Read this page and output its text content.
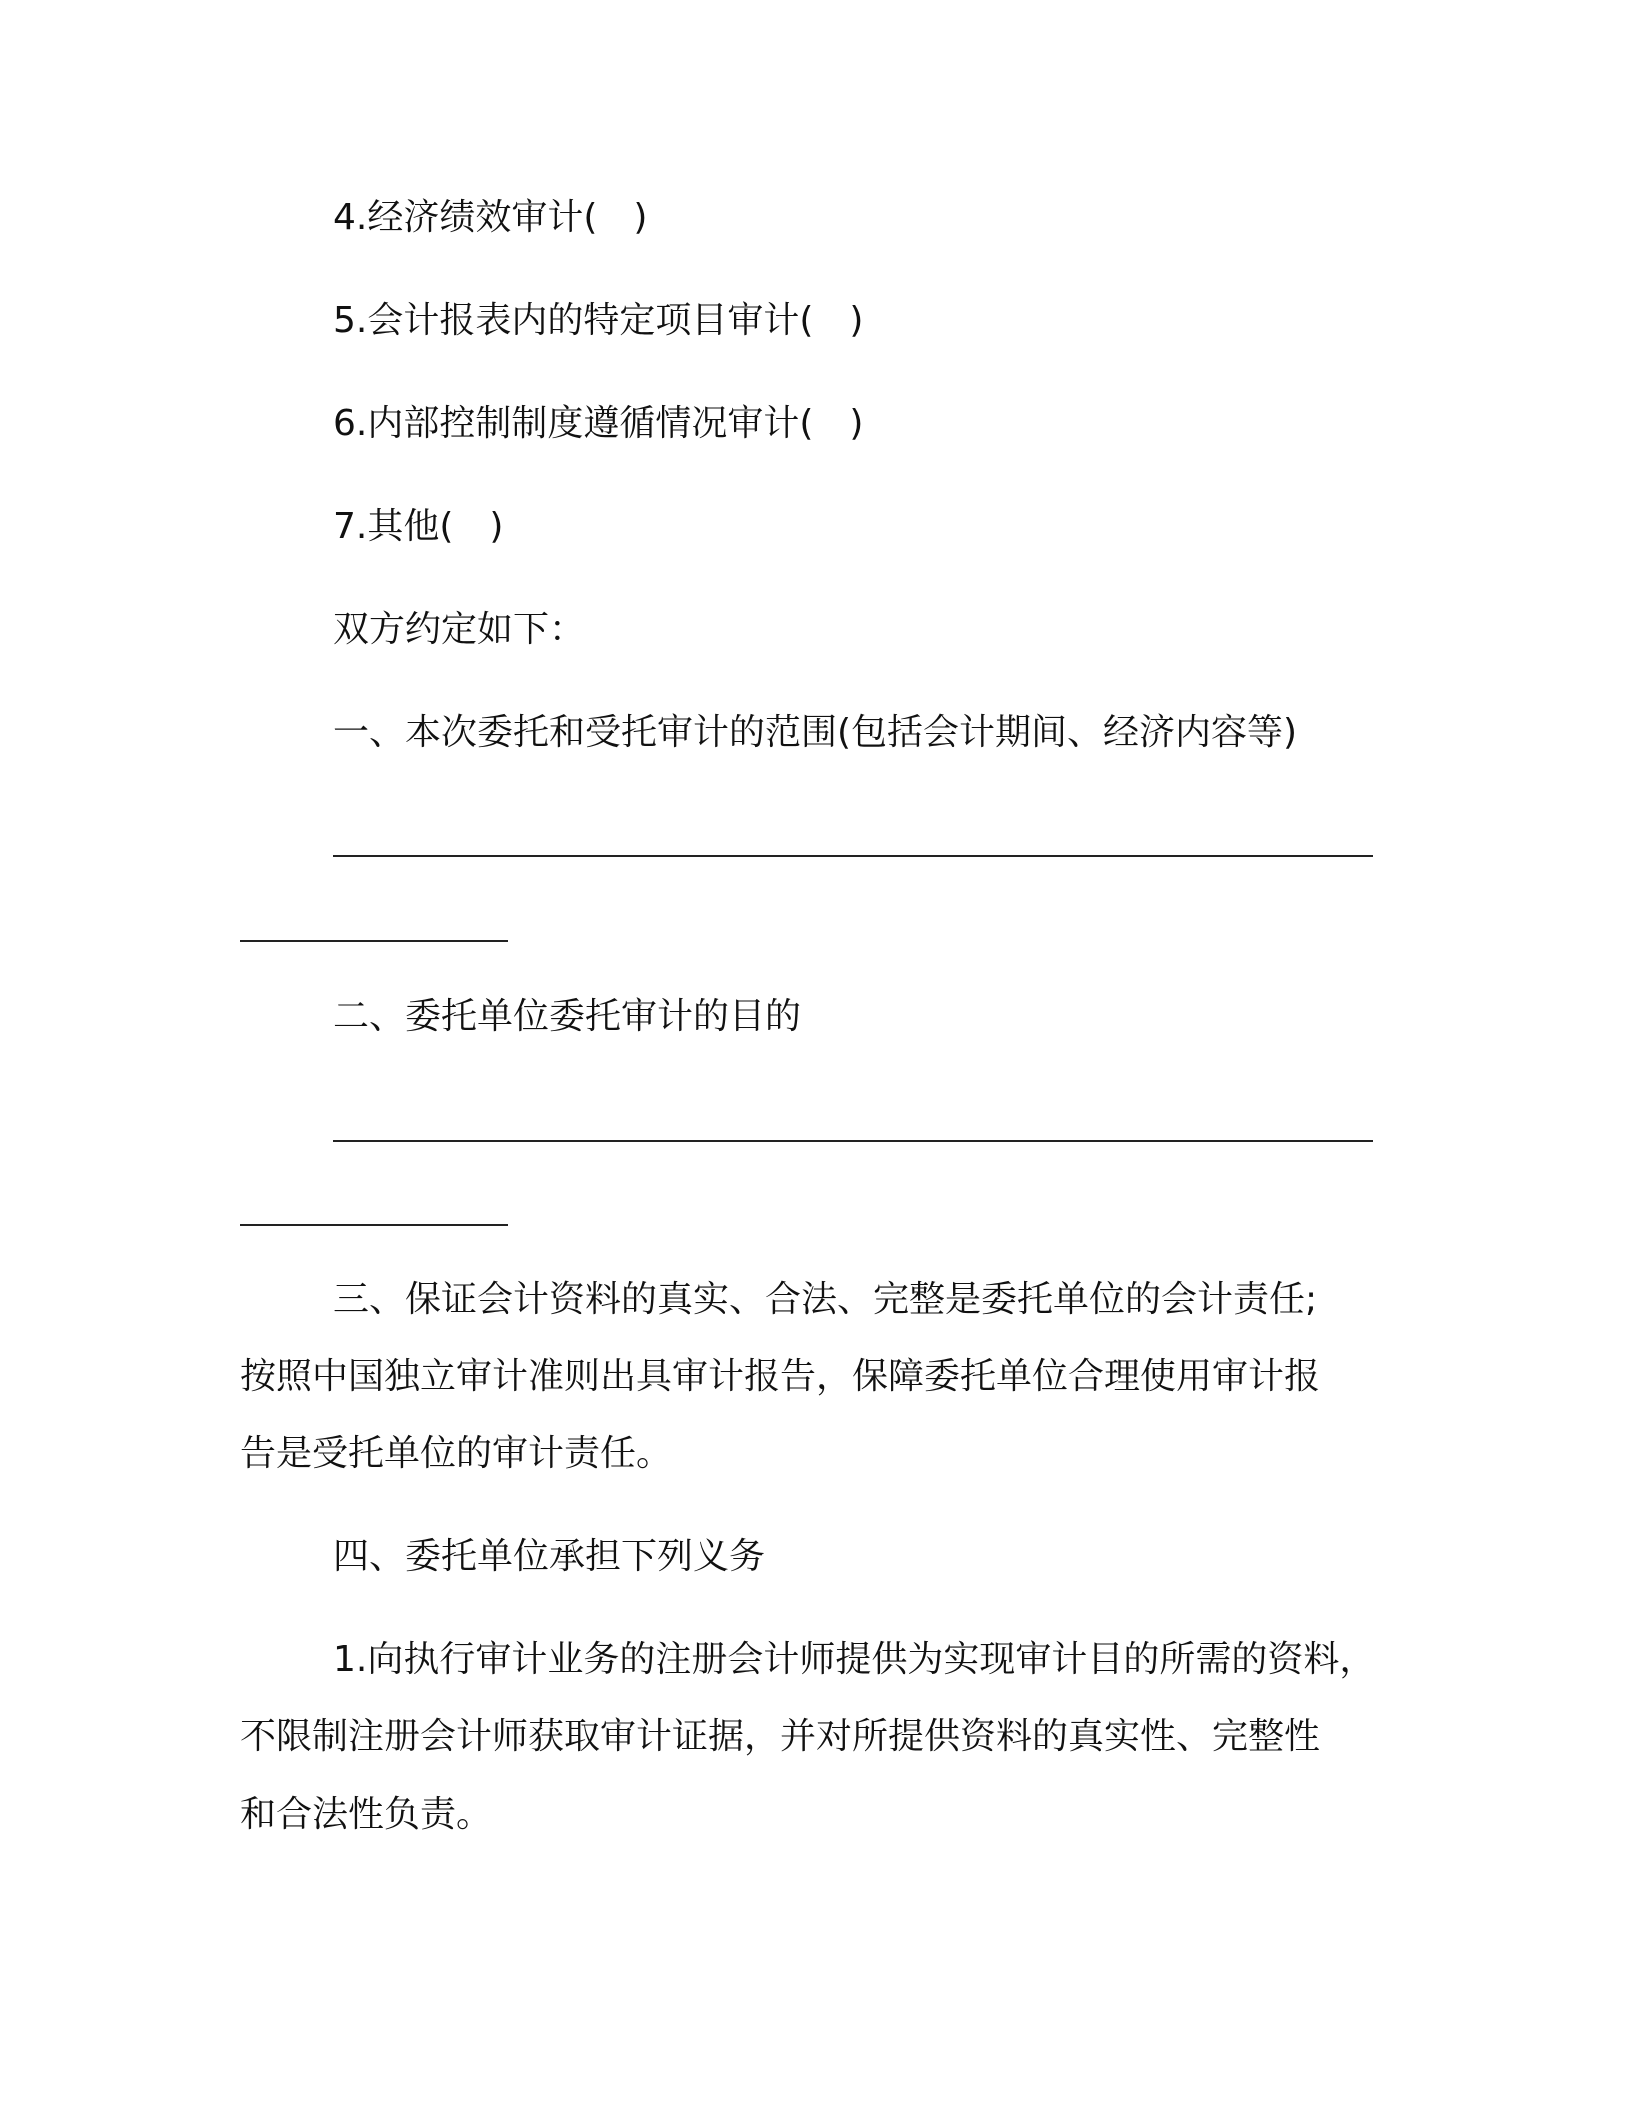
4.经济绩效审计(　)
5.会计报表内的特定项目审计(　)
6.内部控制制度遵循情况审计(　)
7.其他(　)
双方约定如下：
一、本次委托和受托审计的范围(包括会计期间、经济内容等)
二、委托单位委托审计的目的
三、保证会计资料的真实、合法、完整是委托单位的会计责任;
按照中国独立审计准则出具审计报告，保障委托单位合理使用审计报
告是受托单位的审计责任。
四、委托单位承担下列义务
1.向执行审计业务的注册会计师提供为实现审计目的所需的资料，
不限制注册会计师获取审计证据，并对所提供资料的真实性、完整性
和合法性负责。
